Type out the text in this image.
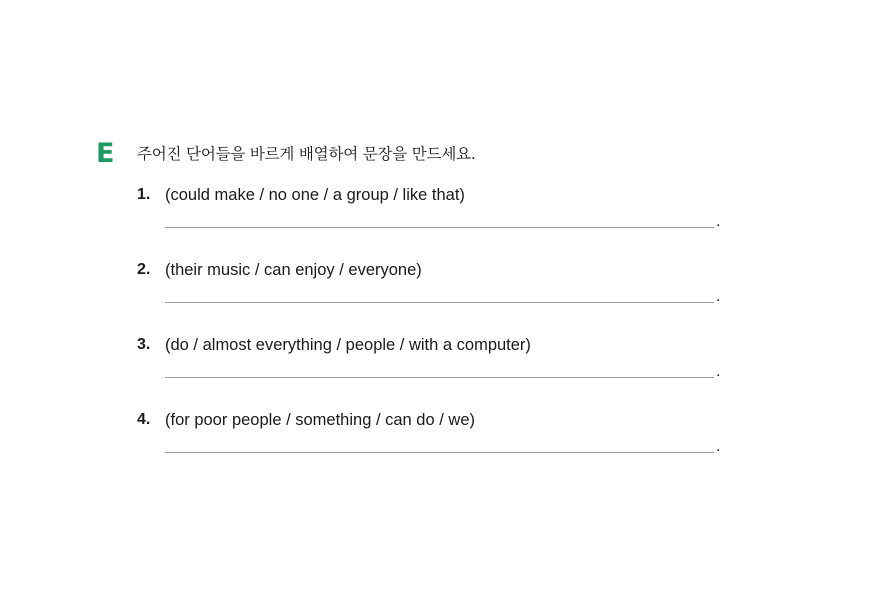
E 주어진 단어들을 바르게 배열하여 문장을 만드세요.
1. (could make / no one / a group / like that)
.
2. (their music / can enjoy / everyone)
.
3. (do / almost everything / people / with a computer)
.
4. (for poor people / something / can do / we)
.
